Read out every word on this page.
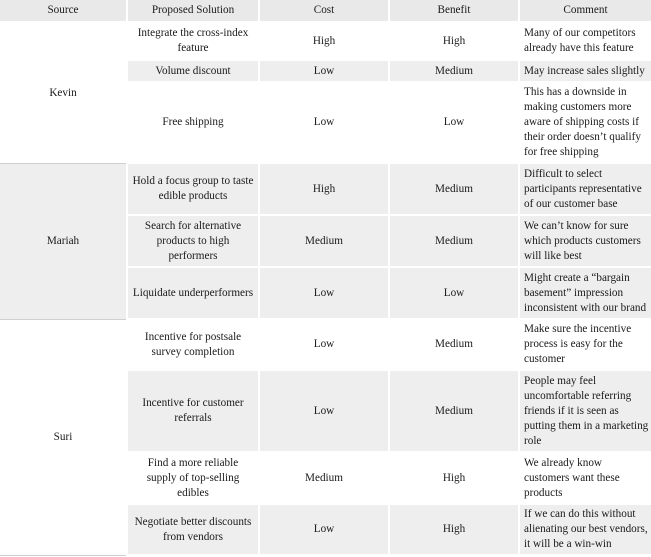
Source	Proposed Solution	Cost	Benefit	Comment
Kevin	Integrate the cross-index feature	High	High	Many of our competitors already have this feature
	Volume discount	Low	Medium	May increase sales slightly
	Free shipping	Low	Low	This has a downside in making customers more aware of shipping costs if their order doesn’t qualify for free shipping
Mariah	Hold a focus group to taste edible products	High	Medium	Difficult to select participants representative of our customer base
	Search for alternative products to high performers	Medium	Medium	We can’t know for sure which products customers will like best
	Liquidate underperformers	Low	Low	Might create a “bargain basement” impression inconsistent with our brand
Suri	Incentive for postsale survey completion	Low	Medium	Make sure the incentive process is easy for the customer
	Incentive for customer referrals	Low	Medium	People may feel uncomfortable referring friends if it is seen as putting them in a marketing role
	Find a more reliable supply of top-selling edibles	Medium	High	We already know customers want these products
	Negotiate better discounts from vendors	Low	High	If we can do this without alienating our best vendors, it will be a win-win
